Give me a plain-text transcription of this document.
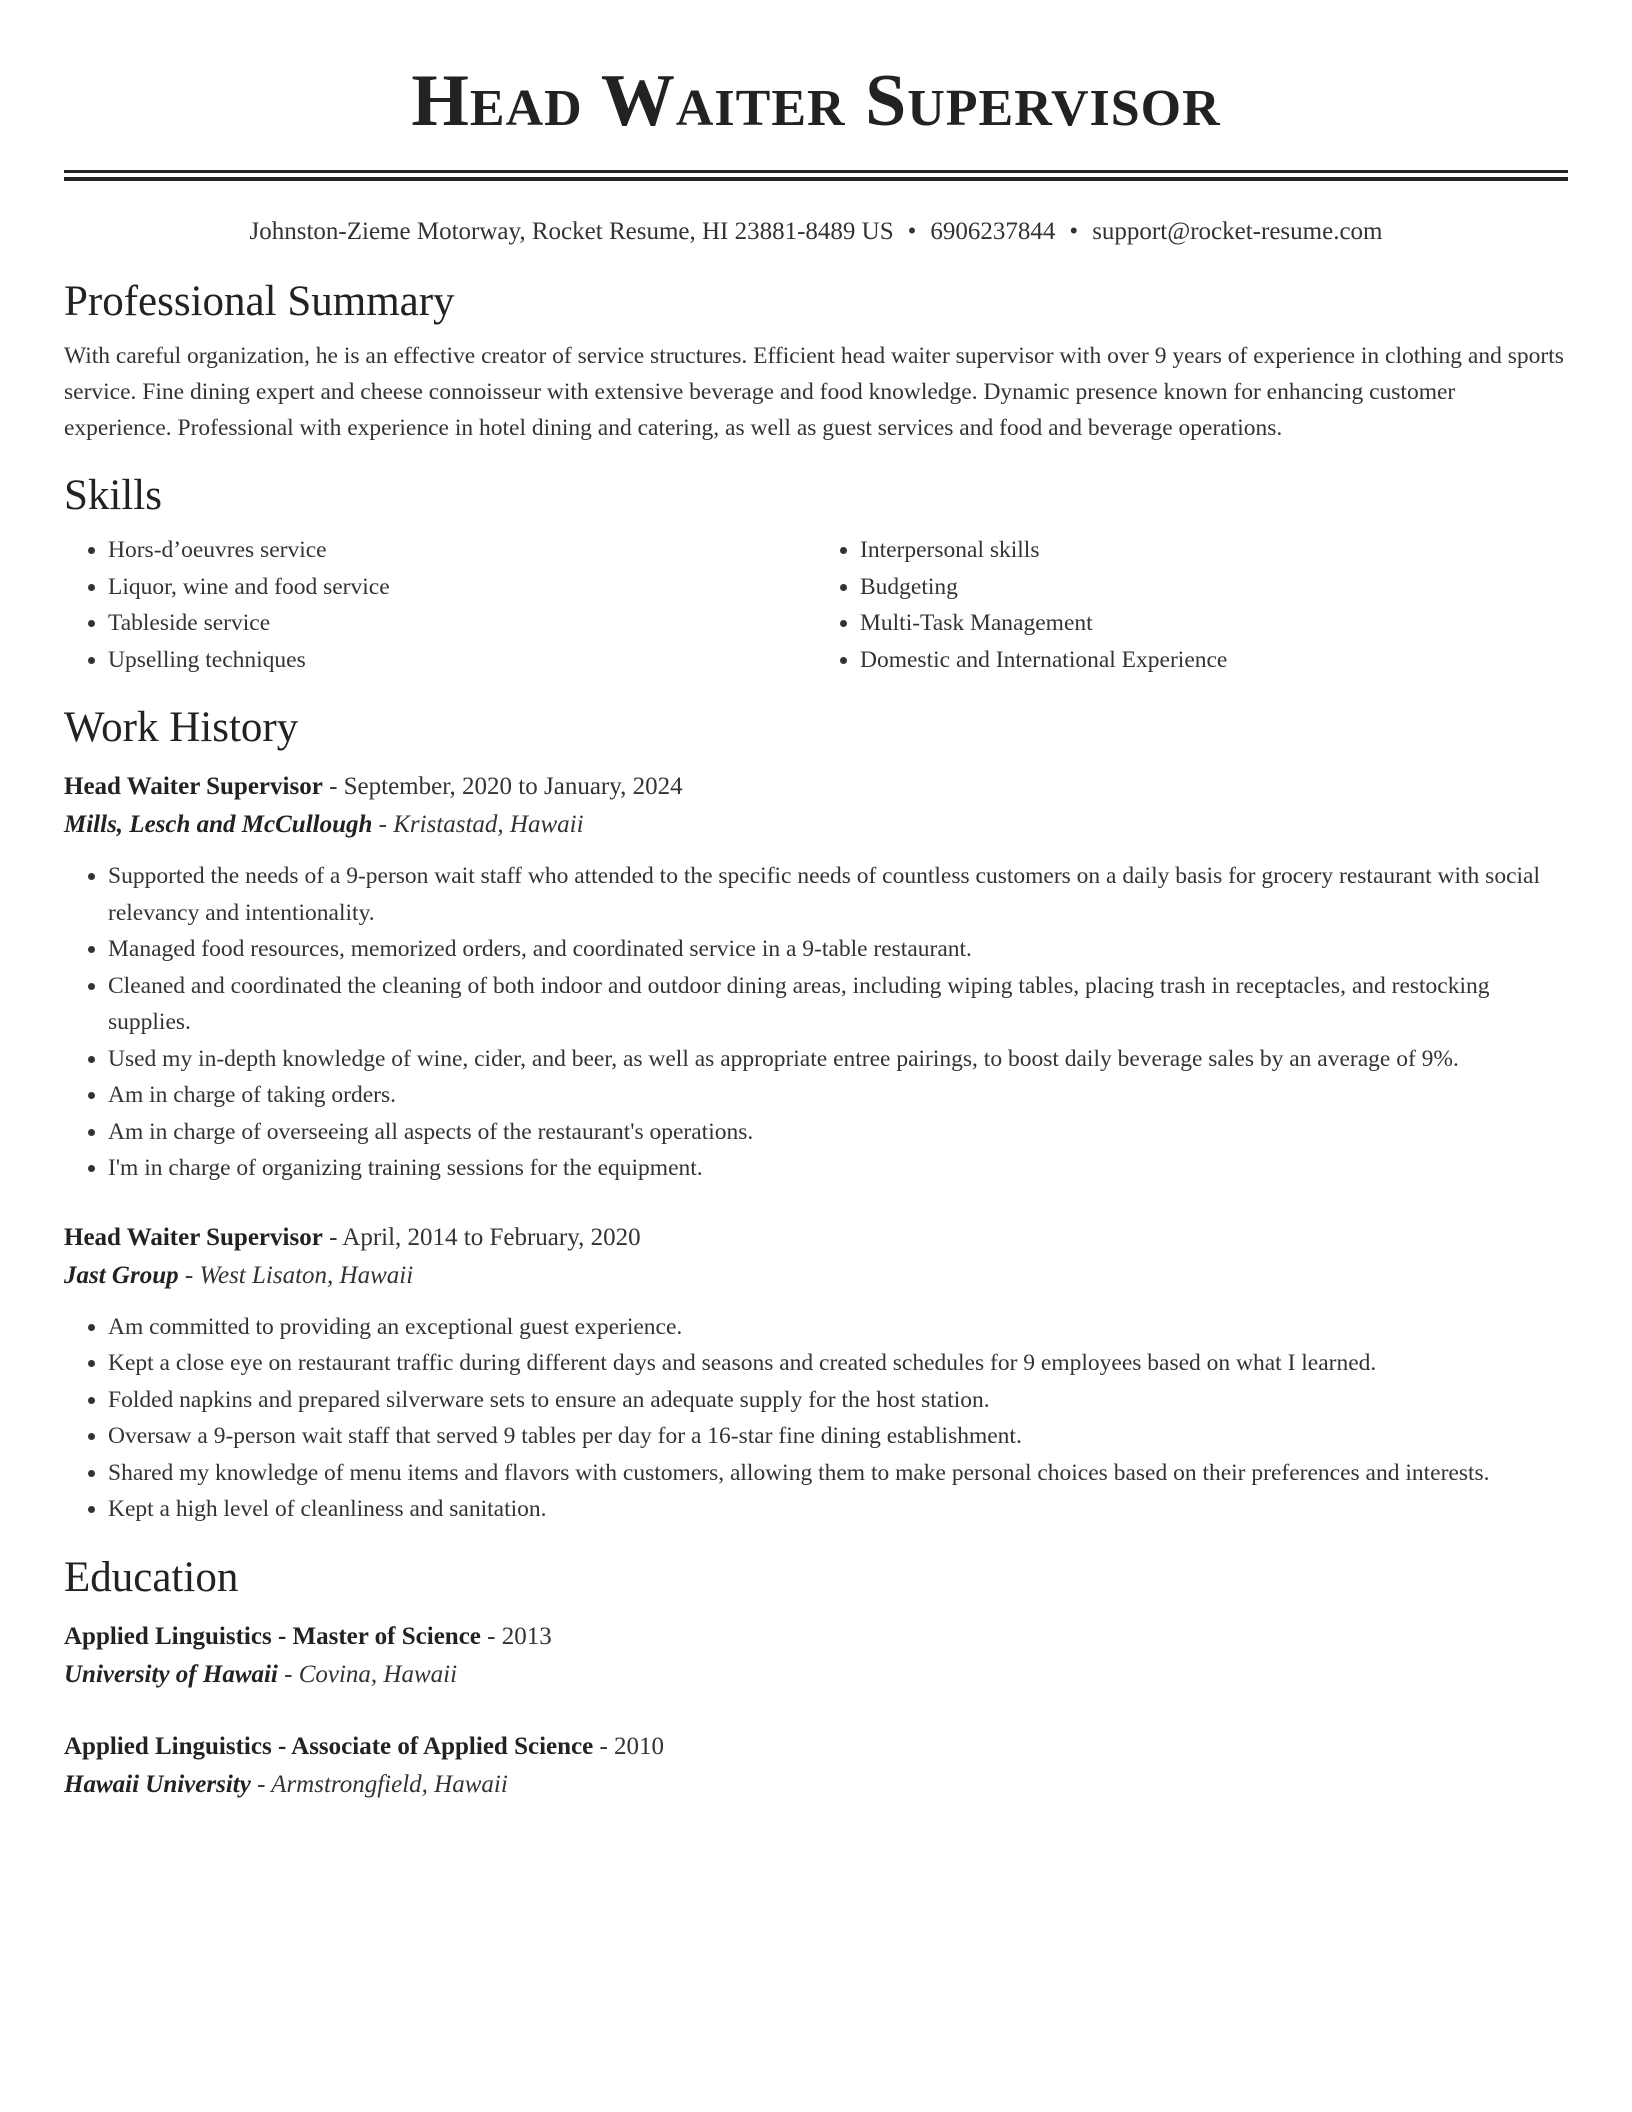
Head Waiter Supervisor
Johnston-Zieme Motorway, Rocket Resume, HI 23881-8489 US • 6906237844 • support@rocket-resume.com
Professional Summary

With careful organization, he is an effective creator of service structures. Efficient head waiter supervisor with over 9 years of experience in clothing and sports service. Fine dining expert and cheese connoisseur with extensive beverage and food knowledge. Dynamic presence known for enhancing customer experience. Professional with experience in hotel dining and catering, as well as guest services and food and beverage operations.

Skills
• Hors-d’oeuvres service
• Liquor, wine and food service
• Tableside service
• Upselling techniques
• Interpersonal skills
• Budgeting
• Multi-Task Management
• Domestic and International Experience
Work History
Head Waiter Supervisor - September, 2020 to January, 2024
Mills, Lesch and McCullough - Kristastad, Hawaii
• Supported the needs of a 9-person wait staff who attended to the specific needs of countless customers on a daily basis for grocery restaurant with social relevancy and intentionality.
• Managed food resources, memorized orders, and coordinated service in a 9-table restaurant.
• Cleaned and coordinated the cleaning of both indoor and outdoor dining areas, including wiping tables, placing trash in receptacles, and restocking supplies.
• Used my in-depth knowledge of wine, cider, and beer, as well as appropriate entree pairings, to boost daily beverage sales by an average of 9%.
• Am in charge of taking orders.
• Am in charge of overseeing all aspects of the restaurant's operations.
• I'm in charge of organizing training sessions for the equipment.
Head Waiter Supervisor - April, 2014 to February, 2020
Jast Group - West Lisaton, Hawaii
• Am committed to providing an exceptional guest experience.
• Kept a close eye on restaurant traffic during different days and seasons and created schedules for 9 employees based on what I learned.
• Folded napkins and prepared silverware sets to ensure an adequate supply for the host station.
• Oversaw a 9-person wait staff that served 9 tables per day for a 16-star fine dining establishment.
• Shared my knowledge of menu items and flavors with customers, allowing them to make personal choices based on their preferences and interests.
• Kept a high level of cleanliness and sanitation.
Education
Applied Linguistics - Master of Science - 2013
University of Hawaii - Covina, Hawaii
Applied Linguistics - Associate of Applied Science - 2010
Hawaii University - Armstrongfield, Hawaii
